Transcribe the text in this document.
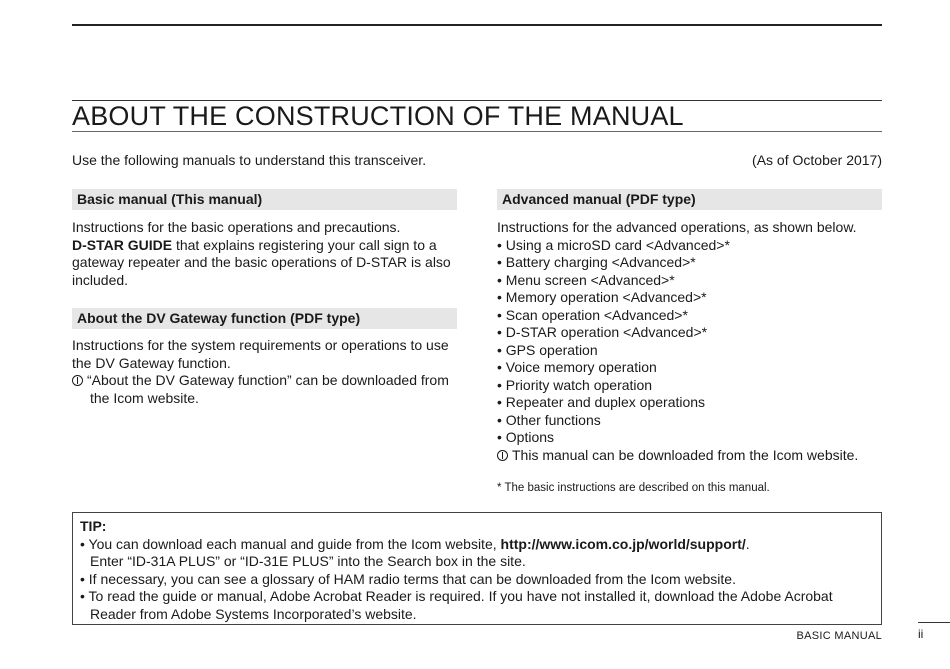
ABOUT THE CONSTRUCTION OF THE MANUAL
Use the following manuals to understand this transceiver.	(As of October 2017)
Basic manual (This manual)

Instructions for the basic operations and precautions.

D-STAR GUIDE that explains registering your call sign to a gateway repeater and the basic operations of D-STAR is also included.

About the DV Gateway function (PDF type)

Instructions for the system requirements or operations to use the DV Gateway function.

“About the DV Gateway function” can be downloaded from the Icom website.

Advanced manual (PDF type)

Instructions for the advanced operations, as shown below.

• Using a microSD card <Advanced>*
• Battery charging <Advanced>*
• Menu screen <Advanced>*
• Memory operation <Advanced>*
• Scan operation <Advanced>*
• D-STAR operation <Advanced>*
• GPS operation
• Voice memory operation
• Priority watch operation
• Repeater and duplex operations
• Other functions
• Options

This manual can be downloaded from the Icom website.

* The basic instructions are described on this manual.
TIP:
• You can download each manual and guide from the Icom website, http://www.icom.co.jp/world/support/.
Enter “ID-31A PLUS” or “ID-31E PLUS” into the Search box in the site.
• If necessary, you can see a glossary of HAM radio terms that can be downloaded from the Icom website.
• To read the guide or manual, Adobe Acrobat Reader is required. If you have not installed it, download the Adobe Acrobat Reader from Adobe Systems Incorporated’s website.
BASIC MANUAL	ii
